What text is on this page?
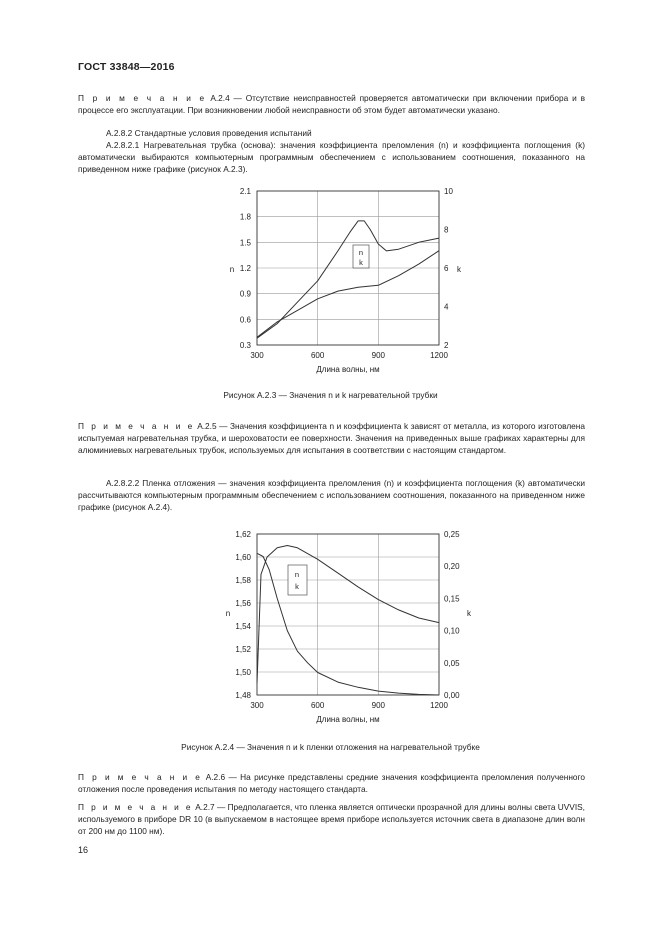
ГОСТ 33848—2016
П р и м е ч а н и е А.2.4 — Отсутствие неисправностей проверяется автоматически при включении прибора и в процессе его эксплуатации. При возникновении любой неисправности об этом будет автоматически указано.
А.2.8.2 Стандартные условия проведения испытаний
А.2.8.2.1 Нагревательная трубка (основа): значения коэффициента преломления (n) и коэффициента поглощения (k) автоматически выбираются компьютерным программным обеспечением с использованием соотношения, показанного на приведенном ниже графике (рисунок А.2.3).
300	600	900	1200
0.3
0.6
0.9
1.2
1.5
1.8
2.1
2
4
6
8
10
n	k
Длина волны, нм
n
k
Рисунок А.2.3 — Значения n и k нагревательной трубки
П р и м е ч а н и е А.2.5 — Значения коэффициента n и коэффициента k зависят от металла, из которого изготовлена испытуемая нагревательная трубка, и шероховатости ее поверхности. Значения на приведенных выше графиках характерны для алюминиевых нагревательных трубок, используемых для испытания в соответствии с настоящим стандартом.
А.2.8.2.2 Пленка отложения — значения коэффициента преломления (n) и коэффициента поглощения (k) автоматически рассчитываются компьютерным программным обеспечением с использованием соотношения, показанного на приведенном ниже графике (рисунок А.2.4).
300	600	900	1200
1,48
1,50
1,52
1,54
1,56
1,58
1,60
1,62
0,00
0,05
0,10
0,15
0,20
0,25
n	k
Длина волны, нм
n
k
Рисунок А.2.4 — Значения n и k пленки отложения на нагревательной трубке
П р и м е ч а н и е А.2.6 — На рисунке представлены средние значения коэффициента преломления полученного отложения после проведения испытания по методу настоящего стандарта.
П р и м е ч а н и е А.2.7 — Предполагается, что пленка является оптически прозрачной для длины волны света UVVIS, используемого в приборе DR 10 (в выпускаемом в настоящее время приборе используется источник света в диапазоне длин волн от 200 нм до 1100 нм).
16
